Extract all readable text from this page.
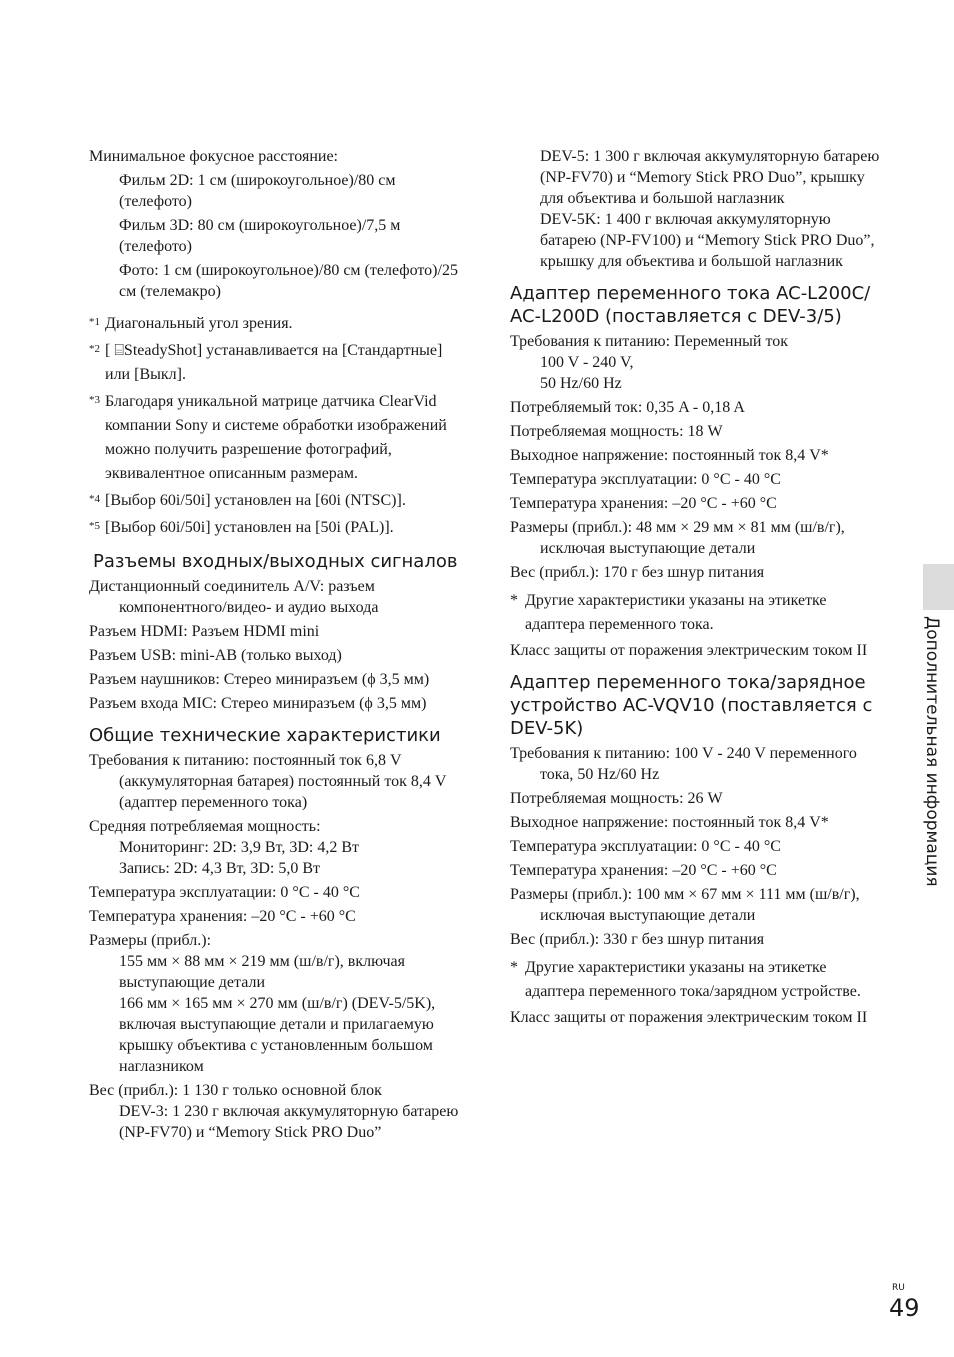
Минимальное фокусное расстояние:
Фильм 2D: 1 см (широкоугольное)/80 см (телефото)
Фильм 3D: 80 см (широкоугольное)/7,5 м (телефото)
Фото: 1 см (широкоугольное)/80 см (телефото)/25 см (телемакро)
*1 Диагональный угол зрения.
*2 [ ⌸SteadyShot] устанавливается на [Стандартные] или [Выкл].
*3 Благодаря уникальной матрице датчика ClearVid компании Sony и системе обработки изображений можно получить разрешение фотографий, эквивалентное описанным размерам.
*4 [Выбор 60i/50i] установлен на [60i (NTSC)].
*5 [Выбор 60i/50i] установлен на [50i (PAL)].
Разъемы входных/выходных сигналов
Дистанционный соединитель A/V: разъем компонентного/видео- и аудио выхода
Разъем HDMI: Разъем HDMI mini
Разъем USB: mini-AB (только выход)
Разъем наушников: Стерео миниразъем (ϕ 3,5 мм)
Разъем входа MIC: Стерео миниразъем (ϕ 3,5 мм)
Общие технические характеристики
Требования к питанию: постоянный ток 6,8 V (аккумуляторная батарея) постоянный ток 8,4 V (адаптер переменного тока)
Средняя потребляемая мощность:
Мониторинг: 2D: 3,9 Вт, 3D: 4,2 Вт
Запись: 2D: 4,3 Вт, 3D: 5,0 Вт
Температура эксплуатации: 0 °C - 40 °C
Температура хранения: –20 °C - +60 °C
Размеры (прибл.):
155 мм × 88 мм × 219 мм (ш/в/г), включая выступающие детали
166 мм × 165 мм × 270 мм (ш/в/г) (DEV-5/5K), включая выступающие детали и прилагаемую крышку объектива с установленным большом наглазником
Вес (прибл.): 1 130 г только основной блок
DEV-3: 1 230 г включая аккумуляторную батарею (NP-FV70) и “Memory Stick PRO Duo”
DEV-5: 1 300 г включая аккумуляторную батарею (NP-FV70) и “Memory Stick PRO Duo”, крышку для объектива и большой наглазник
DEV-5K: 1 400 г включая аккумуляторную батарею (NP-FV100) и “Memory Stick PRO Duo”, крышку для объектива и большой наглазник
Адаптер переменного тока AC-L200C/ AC-L200D (поставляется с DEV-3/5)
Требования к питанию: Переменный ток
100 V - 240 V,
50 Hz/60 Hz
Потребляемый ток: 0,35 A - 0,18 A
Потребляемая мощность: 18 W
Выходное напряжение: постоянный ток 8,4 V*
Температура эксплуатации: 0 °C - 40 °C
Температура хранения: –20 °C - +60 °C
Размеры (прибл.): 48 мм × 29 мм × 81 мм (ш/в/г), исключая выступающие детали
Вес (прибл.): 170 г без шнур питания
* Другие характеристики указаны на этикетке адаптера переменного тока.
Класс защиты от поражения электрическим током II
Адаптер переменного тока/зарядное устройство AC-VQV10 (поставляется с DEV-5K)
Требования к питанию: 100 V - 240 V переменного тока, 50 Hz/60 Hz
Потребляемая мощность: 26 W
Выходное напряжение: постоянный ток 8,4 V*
Температура эксплуатации: 0 °C - 40 °C
Температура хранения: –20 °C - +60 °C
Размеры (прибл.): 100 мм × 67 мм × 111 мм (ш/в/г), исключая выступающие детали
Вес (прибл.): 330 г без шнур питания
* Другие характеристики указаны на этикетке адаптера переменного тока/зарядном устройстве.
Класс защиты от поражения электрическим током II
Дополнительная информация
RU
49
